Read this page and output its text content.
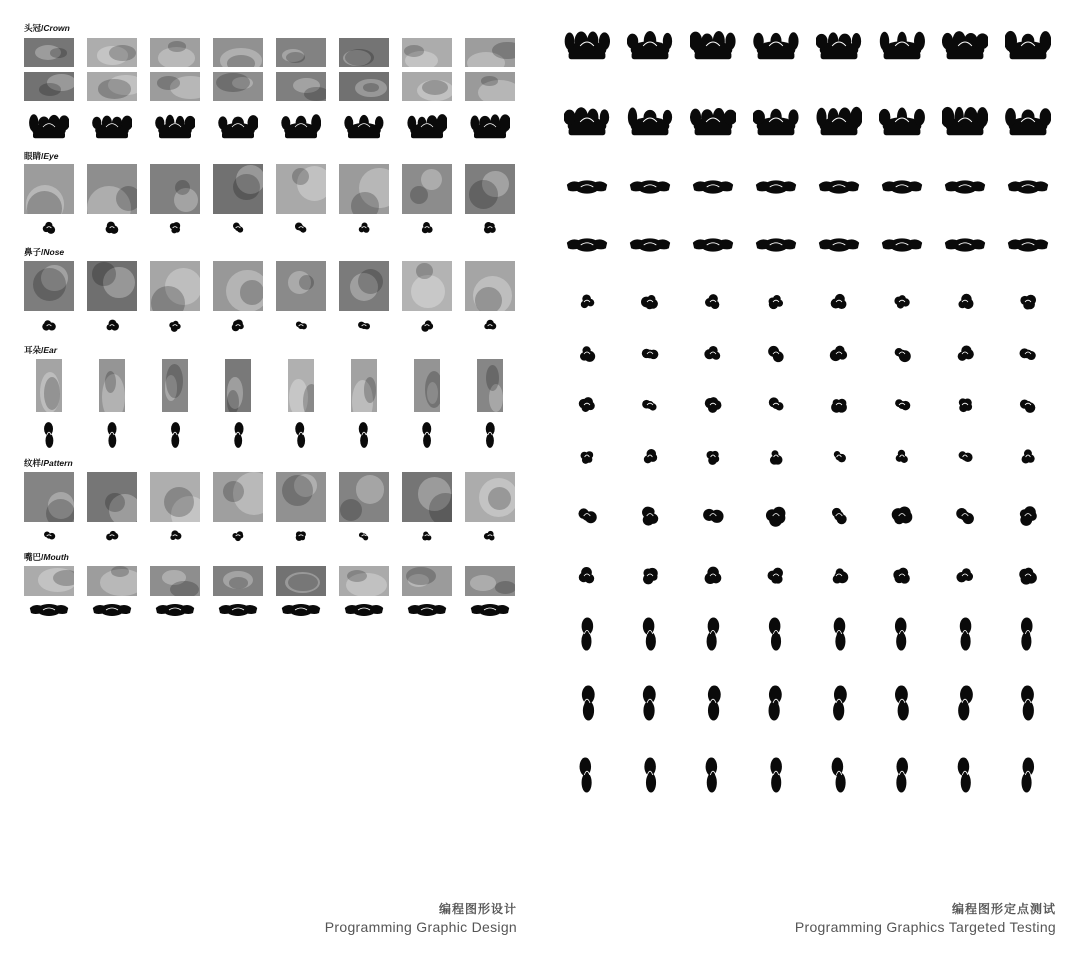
头冠/Crown
眼睛/Eye
鼻子/Nose
耳朵/Ear
纹样/Pattern
嘴巴/Mouth
编程图形设计
Programming Graphic Design
编程图形定点测试
Programming Graphics Targeted Testing
